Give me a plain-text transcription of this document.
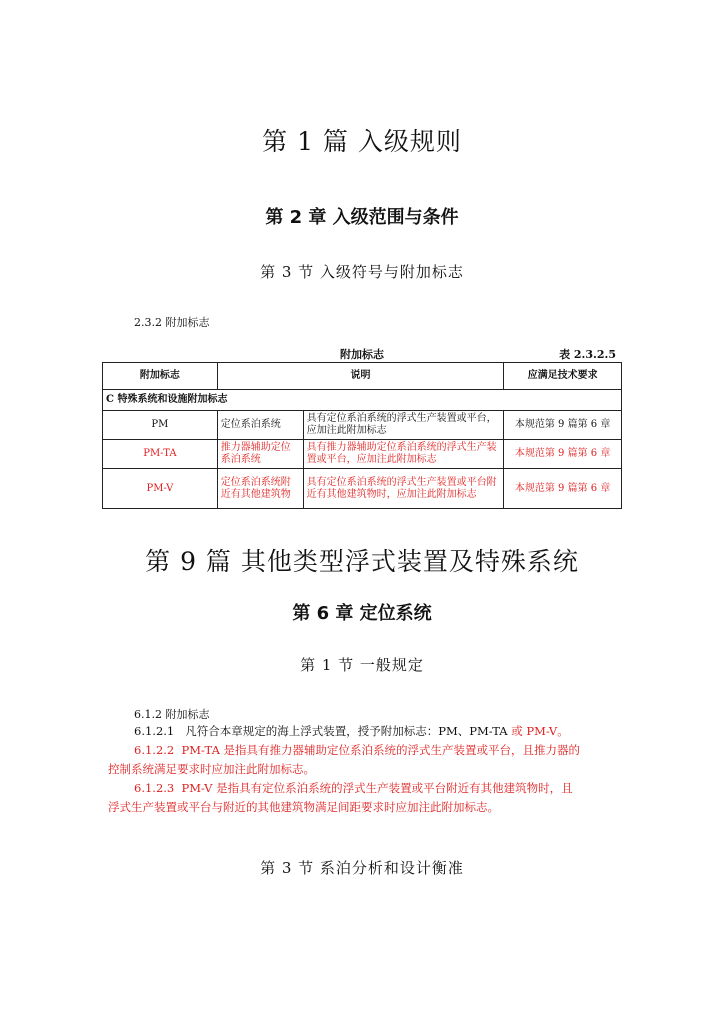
第 1 篇 入级规则
第 2 章 入级范围与条件
第 3 节 入级符号与附加标志
2.3.2 附加标志
附加标志	表 2.3.2.5
附加标志	说明		应满足技术要求
C 特殊系统和设施附加标志			
PM	定位系泊系统	具有定位系泊系统的浮式生产装置或平台，应加注此附加标志	本规范第 9 篇第 6 章
PM-TA	推力器辅助定位系泊系统	具有推力器辅助定位系泊系统的浮式生产装置或平台，应加注此附加标志	本规范第 9 篇第 6 章
PM-V	定位系泊系统附近有其他建筑物	具有定位系泊系统的浮式生产装置或平台附近有其他建筑物时，应加注此附加标志	本规范第 9 篇第 6 章
第 9 篇 其他类型浮式装置及特殊系统
第 6 章 定位系统
第 1 节 一般规定
6.1.2 附加标志
6.1.2.1 凡符合本章规定的海上浮式装置，授予附加标志：PM、PM-TA 或 PM-V。
6.1.2.2 PM-TA 是指具有推力器辅助定位系泊系统的浮式生产装置或平台，且推力器的
控制系统满足要求时应加注此附加标志。
6.1.2.3 PM-V 是指具有定位系泊系统的浮式生产装置或平台附近有其他建筑物时，且
浮式生产装置或平台与附近的其他建筑物满足间距要求时应加注此附加标志。
第 3 节 系泊分析和设计衡准
